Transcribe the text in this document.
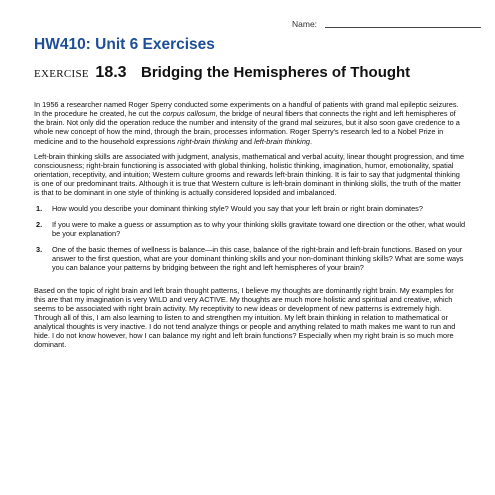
Name:
HW410: Unit 6 Exercises
EXERCISE 18.3 Bridging the Hemispheres of Thought

In 1956 a researcher named Roger Sperry conducted some experiments on a handful of patients with grand mal epileptic seizures. In the procedure he created, he cut the corpus callosum, the bridge of neural fibers that connects the right and left hemispheres of the brain. Not only did the operation reduce the number and intensity of the grand mal seizures, but it also soon gave credence to a whole new concept of how the mind, through the brain, processes information. Roger Sperry's research led to a Nobel Prize in medicine and to the household expressions right-brain thinking and left-brain thinking.

Left-brain thinking skills are associated with judgment, analysis, mathematical and verbal acuity, linear thought progression, and time consciousness; right-brain functioning is associated with global thinking, holistic thinking, imagination, humor, emotionality, spatial orientation, receptivity, and intuition; Western culture grooms and rewards left-brain thinking. It is fair to say that judgmental thinking is one of our predominant traits. Although it is true that Western culture is left-brain dominant in thinking skills, the truth of the matter is that to be dominant in one style of thinking is actually considered lopsided and imbalanced.

1.	How would you describe your dominant thinking style? Would you say that your left brain or right brain dominates?
2.	If you were to make a guess or assumption as to why your thinking skills gravitate toward one direction or the other, what would be your explanation?
3.	One of the basic themes of wellness is balance—in this case, balance of the right-brain and left-brain functions. Based on your answer to the first question, what are your dominant thinking skills and your non-dominant thinking skills? What are some ways you can balance your patterns by bridging between the right and left hemispheres of your brain?

Based on the topic of right brain and left brain thought patterns, I believe my thoughts are dominantly right brain. My examples for this are that my imagination is very WILD and very ACTIVE. My thoughts are much more holistic and spiritual and creative, which seems to be associated with right brain activity. My receptivity to new ideas or development of new patterns is extremely high. Through all of this, I am also learning to listen to and strengthen my intuition. My left brain thinking in relation to mathematical or analytical thoughts is very inactive. I do not tend analyze things or people and anything related to math makes me want to run and hide. I do not know however, how I can balance my right and left brain functions? Especially when my right brain is so much more dominant.
